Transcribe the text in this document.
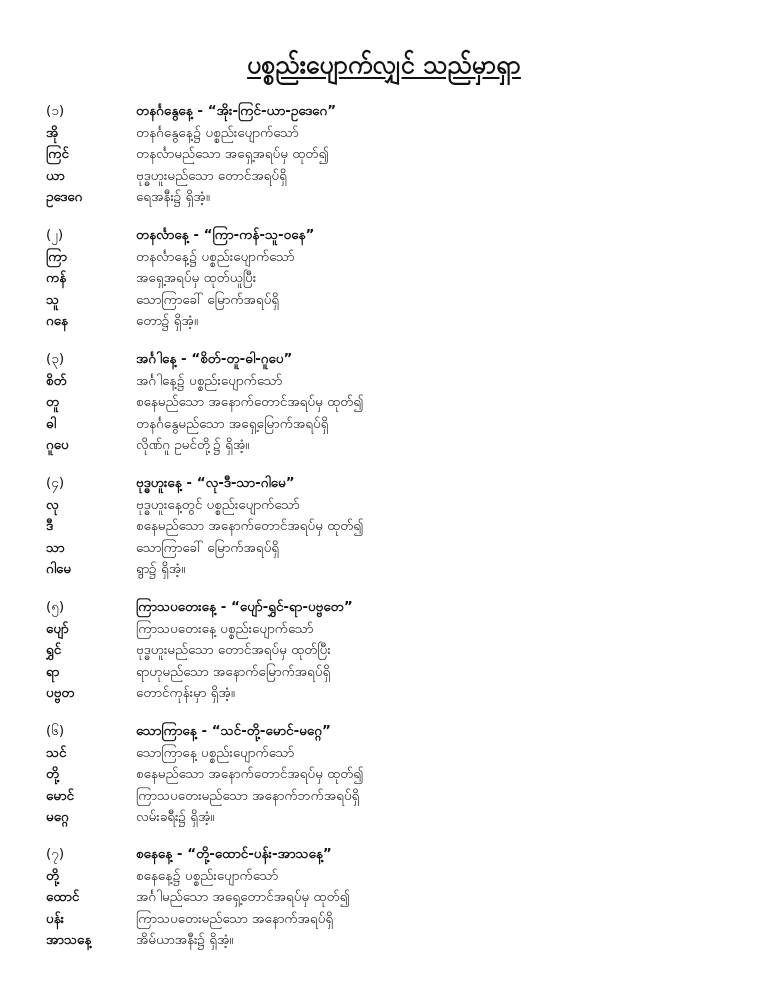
ပစ္စည်းပျောက်လျှင် သည်မှာရှာ
(၁)	တနင်္ဂနွေနေ့ - “အိုး-ကြင်-ယာ-ဥဒေဂေ”
အို	တနင်္ဂနွေနေ့၌ ပစ္စည်းပျောက်သော်
ကြင်	တနင်္လာမည်သော အရှေ့အရပ်မှ ထုတ်၍
ယာ	ဗုဒ္ဓဟူးမည်သော တောင်အရပ်ရှိ
ဥဒေဂေ	ရေအနီး၌ ရှိအံ့။
(၂)	တနင်္လာနေ့ - “ကြာ-ကန်-သူ-ဝနေ”
ကြာ	တနင်္လာနေ့၌ ပစ္စည်းပျောက်သော်
ကန်	အရှေ့အရပ်မှ ထုတ်ယူပြီး
သူ	သောကြာခေါ် မြောက်အရပ်ရှိ
ဂနေ	တော၌ ရှိအံ့။
(၃)	အင်္ဂါနေ့ - “စိတ်-တူ-ဓါ-ဂူပေ”
စိတ်	အင်္ဂါနေ့၌ ပစ္စည်းပျောက်သော်
တူ	စနေမည်သော အနောက်တောင်အရပ်မှ ထုတ်၍
ဓါ	တနင်္ဂနွေမည်သော အရှေ့မြောက်အရပ်ရှိ
ဂူပေ	လိုဏ်ဂူ ဥမင်တို့၌ ရှိအံ့။
(၄)	ဗုဒ္ဓဟူးနေ့ - “လု-ဒီ-သာ-ဂါမေ”
လု	ဗုဒ္ဓဟူးနေ့တွင် ပစ္စည်းပျောက်သော်
ဒီ	စနေမည်သော အနောက်တောင်အရပ်မှ ထုတ်၍
သာ	သောကြာခေါ် မြောက်အရပ်ရှိ
ဂါမေ	ရွာ၌ ရှိအံ့။
(၅)	ကြာသပတေးနေ့ - “ပျော်-ရွှင်-ရာ-ပဗ္ဗတေ”
ပျော်	ကြာသပတေးနေ့ ပစ္စည်းပျောက်သော်
ရွှင်	ဗုဒ္ဓဟူးမည်သော တောင်အရပ်မှ ထုတ်ပြီး
ရာ	ရာဟုမည်သော အနောက်မြောက်အရပ်ရှိ
ပဗ္ဗတ	တောင်ကုန်းမှာ ရှိအံ့။
(၆)	သောကြာနေ့ - “သင်-တို့-မောင်-မဂ္ဂေ”
သင်	သောကြာနေ့ ပစ္စည်းပျောက်သော်
တို့	စနေမည်သော အနောက်တောင်အရပ်မှ ထုတ်၍
မောင်	ကြာသပတေးမည်သော အနောက်ဘက်အရပ်ရှိ
မဂ္ဂေ	လမ်းခရီး၌ ရှိအံ့။
(၇)	စနေနေ့ - “တို့-ထောင်-ပန်း-အာသနေ့”
တို့	စနေနေ့၌ ပစ္စည်းပျောက်သော်
ထောင်	အင်္ဂါမည်သော အရှေ့တောင်အရပ်မှ ထုတ်၍
ပန်း	ကြာသပတေးမည်သော အနောက်အရပ်ရှိ
အာသနေ့	အိမ်ယာအနီး၌ ရှိအံ့။
